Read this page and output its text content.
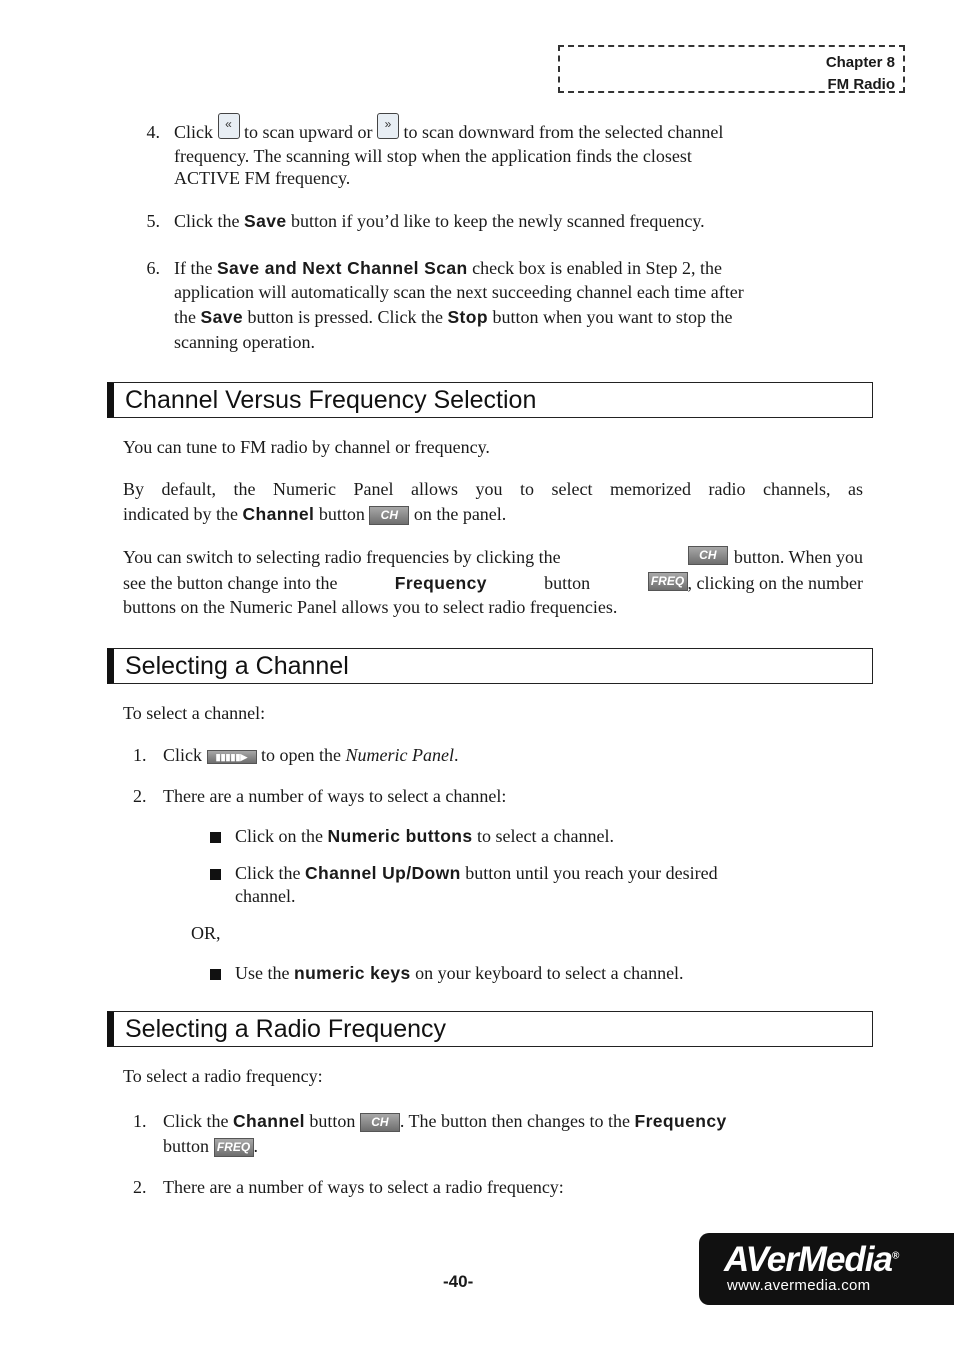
Chapter 8
FM Radio
4. Click « to scan upward or » to scan downward from the selected channel
frequency. The scanning will stop when the application finds the closest
ACTIVE FM frequency.
5. Click the Save button if you’d like to keep the newly scanned frequency.
6. If the Save and Next Channel Scan check box is enabled in Step 2, the
application will automatically scan the next succeeding channel each time after
the Save button is pressed. Click the Stop button when you want to stop the
scanning operation.
Channel Versus Frequency Selection
You can tune to FM radio by channel or frequency.
By default, the Numeric Panel allows you to select memorized radio channels, as
indicated by the Channel button CH on the panel.
You can switch to selecting radio frequencies by clicking the	CH button. When you
see the button change into the	Frequency	button	FREQ , clicking on the number
buttons on the Numeric Panel allows you to select radio frequencies.
Selecting a Channel
To select a channel:
1. Click ▮▮▮▮▮▶ to open the Numeric Panel.
2. There are a number of ways to select a channel:
Click on the Numeric buttons to select a channel.
Click the Channel Up/Down button until you reach your desired
channel.
OR,
Use the numeric keys on your keyboard to select a channel.
Selecting a Radio Frequency
To select a radio frequency:
1. Click the Channel button CH . The button then changes to the Frequency
button FREQ .
2. There are a number of ways to select a radio frequency:
-40-
AVerMedia®
www.avermedia.com
